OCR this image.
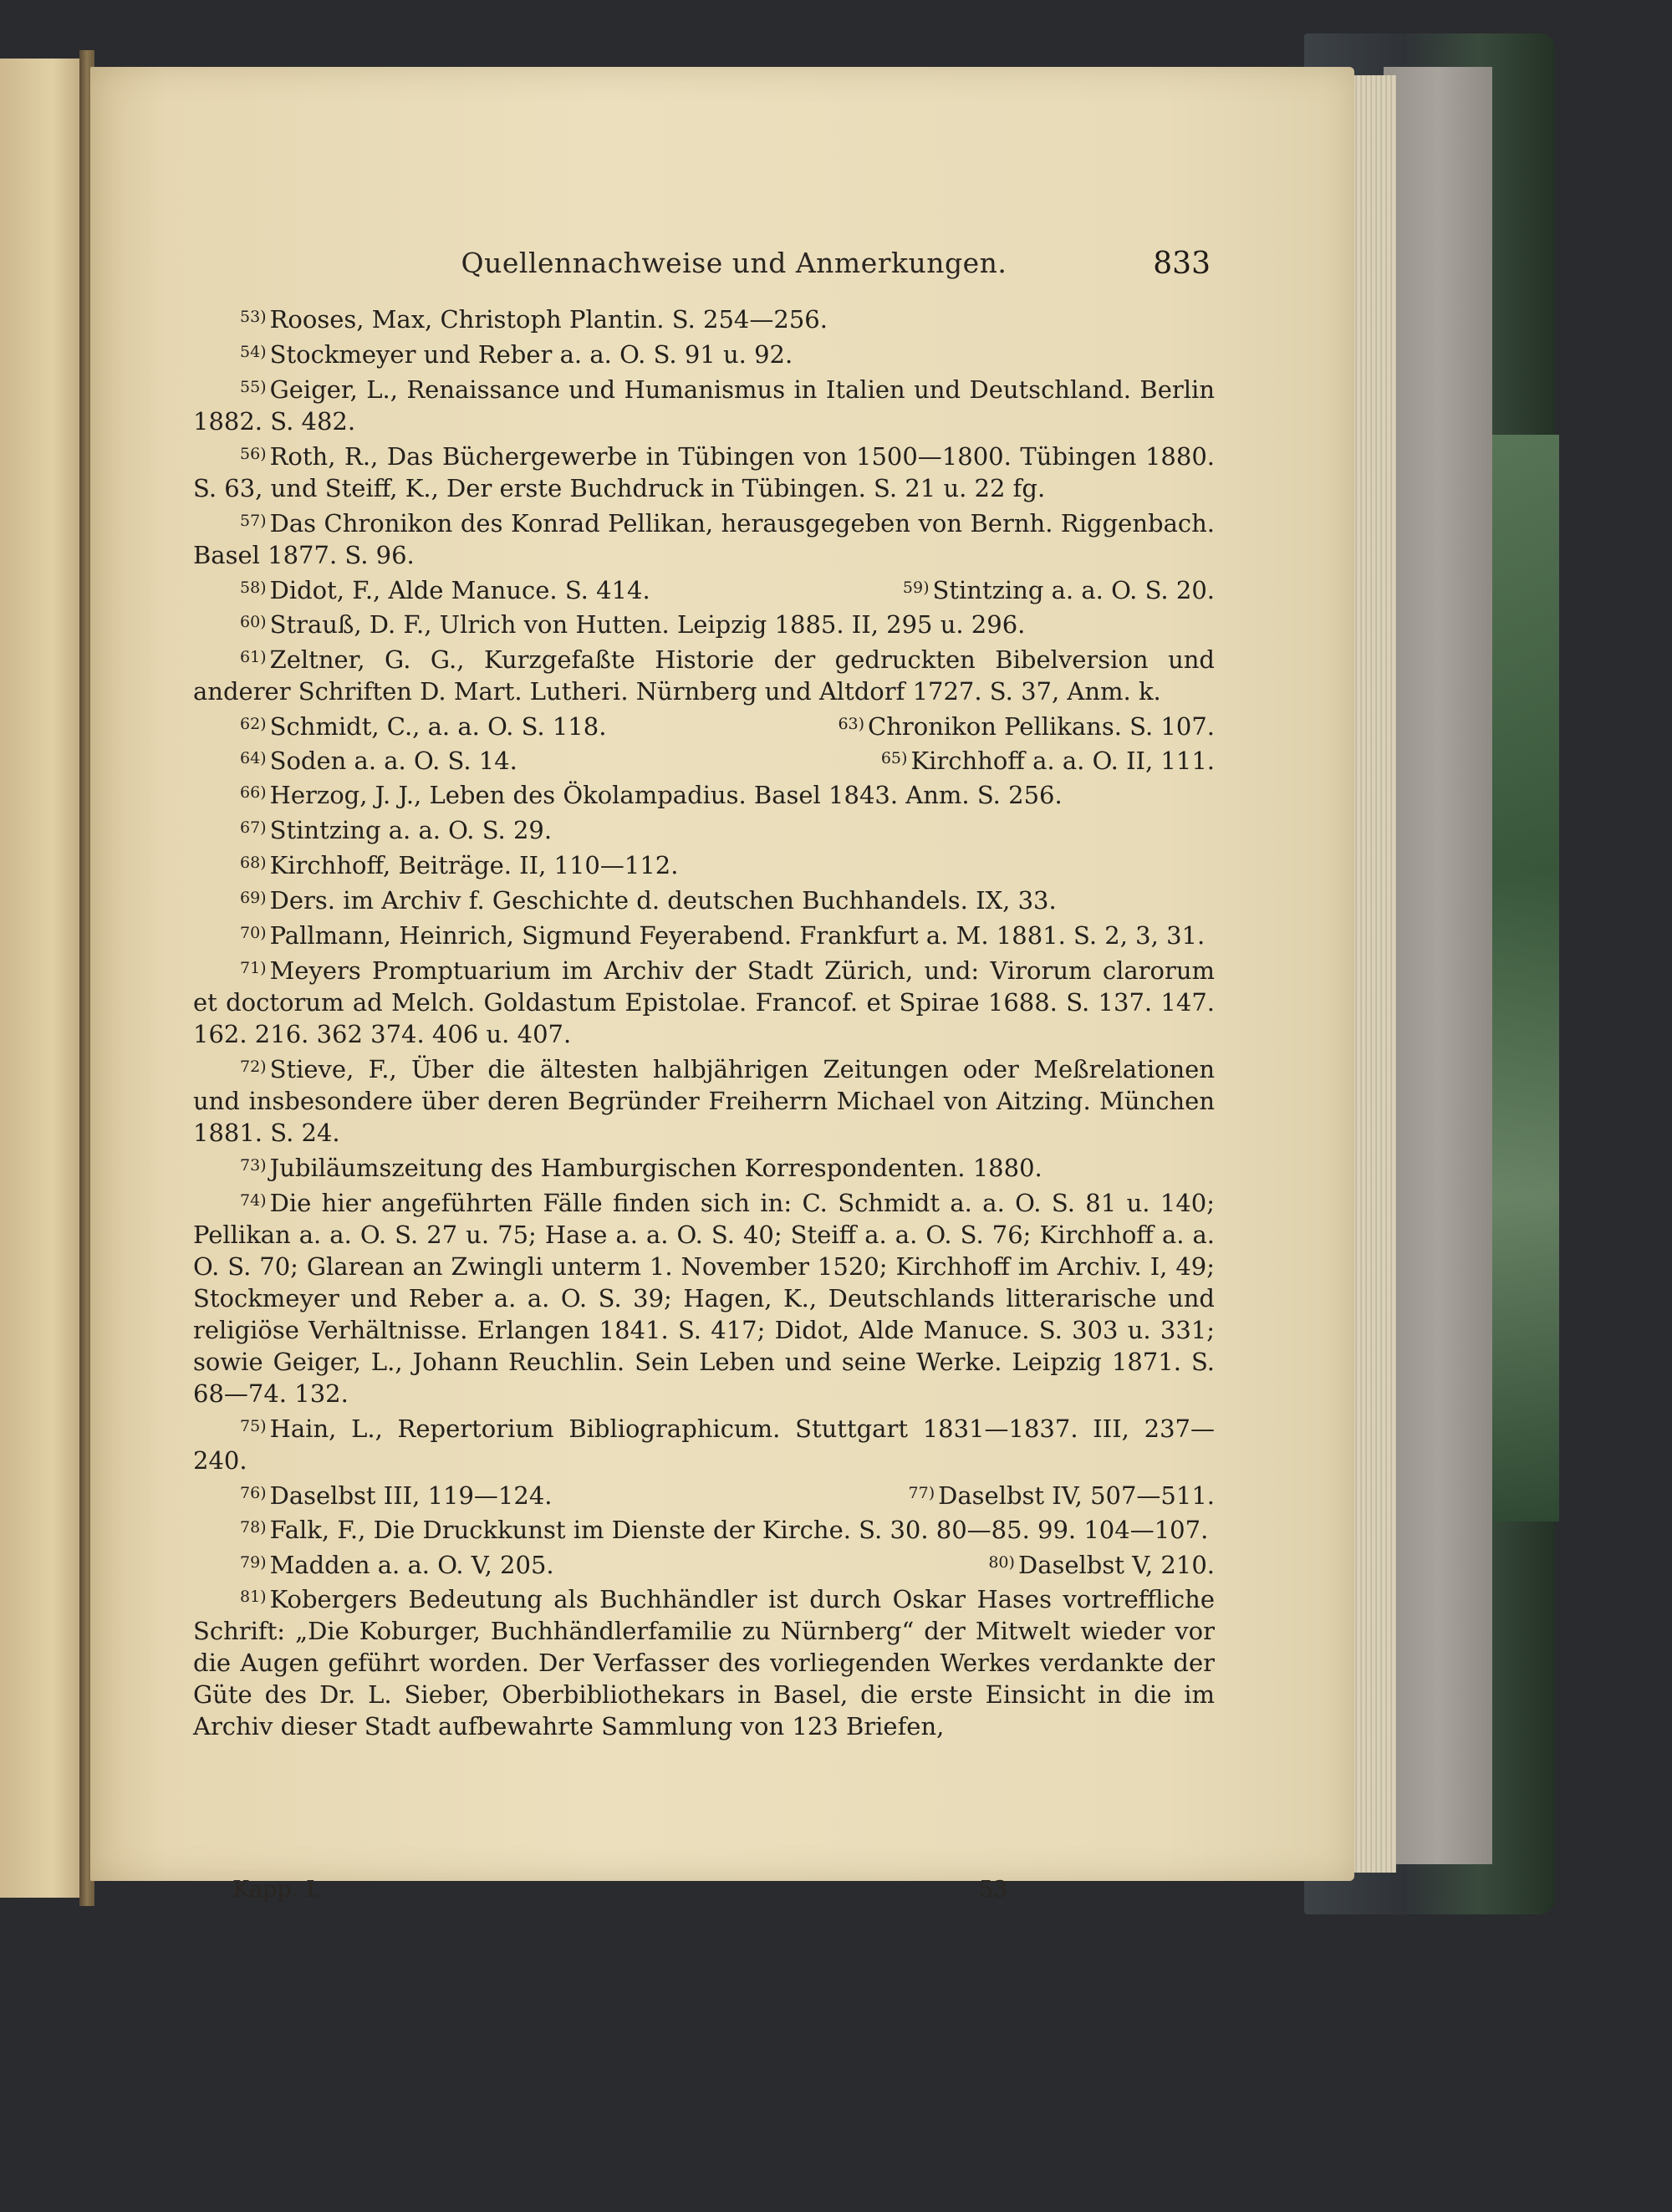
Quellennachweise und Anmerkungen.	833
$^{53)}$ Rooses, Max, Christoph Plantin. S. 254—256.
$^{54)}$ Stockmeyer und Reber a. a. O. S. 91 u. 92.
$^{55)}$ Geiger, L., Renaissance und Humanismus in Italien und Deutschland. Berlin 1882. S. 482.
$^{56)}$ Roth, R., Das Büchergewerbe in Tübingen von 1500—1800. Tübingen 1880. S. 63, und Steiff, K., Der erste Buchdruck in Tübingen. S. 21 u. 22 fg.
$^{57)}$ Das Chronikon des Konrad Pellikan, herausgegeben von Bernh. Riggenbach. Basel 1877. S. 96.
$^{58)}$ Didot, F., Alde Manuce. S. 414.	$^{59)}$ Stintzing a. a. O. S. 20.
$^{60)}$ Strauß, D. F., Ulrich von Hutten. Leipzig 1885. II, 295 u. 296.
$^{61)}$ Zeltner, G. G., Kurzgefaßte Historie der gedruckten Bibelversion und anderer Schriften D. Mart. Lutheri. Nürnberg und Altdorf 1727. S. 37, Anm. k.
$^{62)}$ Schmidt, C., a. a. O. S. 118.	$^{63)}$ Chronikon Pellikans. S. 107.
$^{64)}$ Soden a. a. O. S. 14.	$^{65)}$ Kirchhoff a. a. O. II, 111.
$^{66)}$ Herzog, J. J., Leben des Ökolampadius. Basel 1843. Anm. S. 256.
$^{67)}$ Stintzing a. a. O. S. 29.
$^{68)}$ Kirchhoff, Beiträge. II, 110—112.
$^{69)}$ Ders. im Archiv f. Geschichte d. deutschen Buchhandels. IX, 33.
$^{70)}$ Pallmann, Heinrich, Sigmund Feyerabend. Frankfurt a. M. 1881. S. 2, 3, 31.
$^{71)}$ Meyers Promptuarium im Archiv der Stadt Zürich, und: Virorum clarorum et doctorum ad Melch. Goldastum Epistolae. Francof. et Spirae 1688. S. 137. 147. 162. 216. 362 374. 406 u. 407.
$^{72)}$ Stieve, F., Über die ältesten halbjährigen Zeitungen oder Meßrelationen und insbesondere über deren Begründer Freiherrn Michael von Aitzing. München 1881. S. 24.
$^{73)}$ Jubiläumszeitung des Hamburgischen Korrespondenten. 1880.
$^{74)}$ Die hier angeführten Fälle finden sich in: C. Schmidt a. a. O. S. 81 u. 140; Pellikan a. a. O. S. 27 u. 75; Hase a. a. O. S. 40; Steiff a. a. O. S. 76; Kirchhoff a. a. O. S. 70; Glarean an Zwingli unterm 1. November 1520; Kirchhoff im Archiv. I, 49; Stockmeyer und Reber a. a. O. S. 39; Hagen, K., Deutschlands litterarische und religiöse Verhältnisse. Erlangen 1841. S. 417; Didot, Alde Manuce. S. 303 u. 331; sowie Geiger, L., Johann Reuchlin. Sein Leben und seine Werke. Leipzig 1871. S. 68—74. 132.
$^{75)}$ Hain, L., Repertorium Bibliographicum. Stuttgart 1831—1837. III, 237—240.
$^{76)}$ Daselbst III, 119—124.	$^{77)}$ Daselbst IV, 507—511.
$^{78)}$ Falk, F., Die Druckkunst im Dienste der Kirche. S. 30. 80—85. 99. 104—107.
$^{79)}$ Madden a. a. O. V, 205.	$^{80)}$ Daselbst V, 210.
$^{81)}$ Kobergers Bedeutung als Buchhändler ist durch Oskar Hases vortreffliche Schrift: „Die Koburger, Buchhändlerfamilie zu Nürnberg“ der Mitwelt wieder vor die Augen geführt worden. Der Verfasser des vorliegenden Werkes verdankte der Güte des Dr. L. Sieber, Oberbibliothekars in Basel, die erste Einsicht in die im Archiv dieser Stadt aufbewahrte Sammlung von 123 Briefen,
Kapp. I.	53
